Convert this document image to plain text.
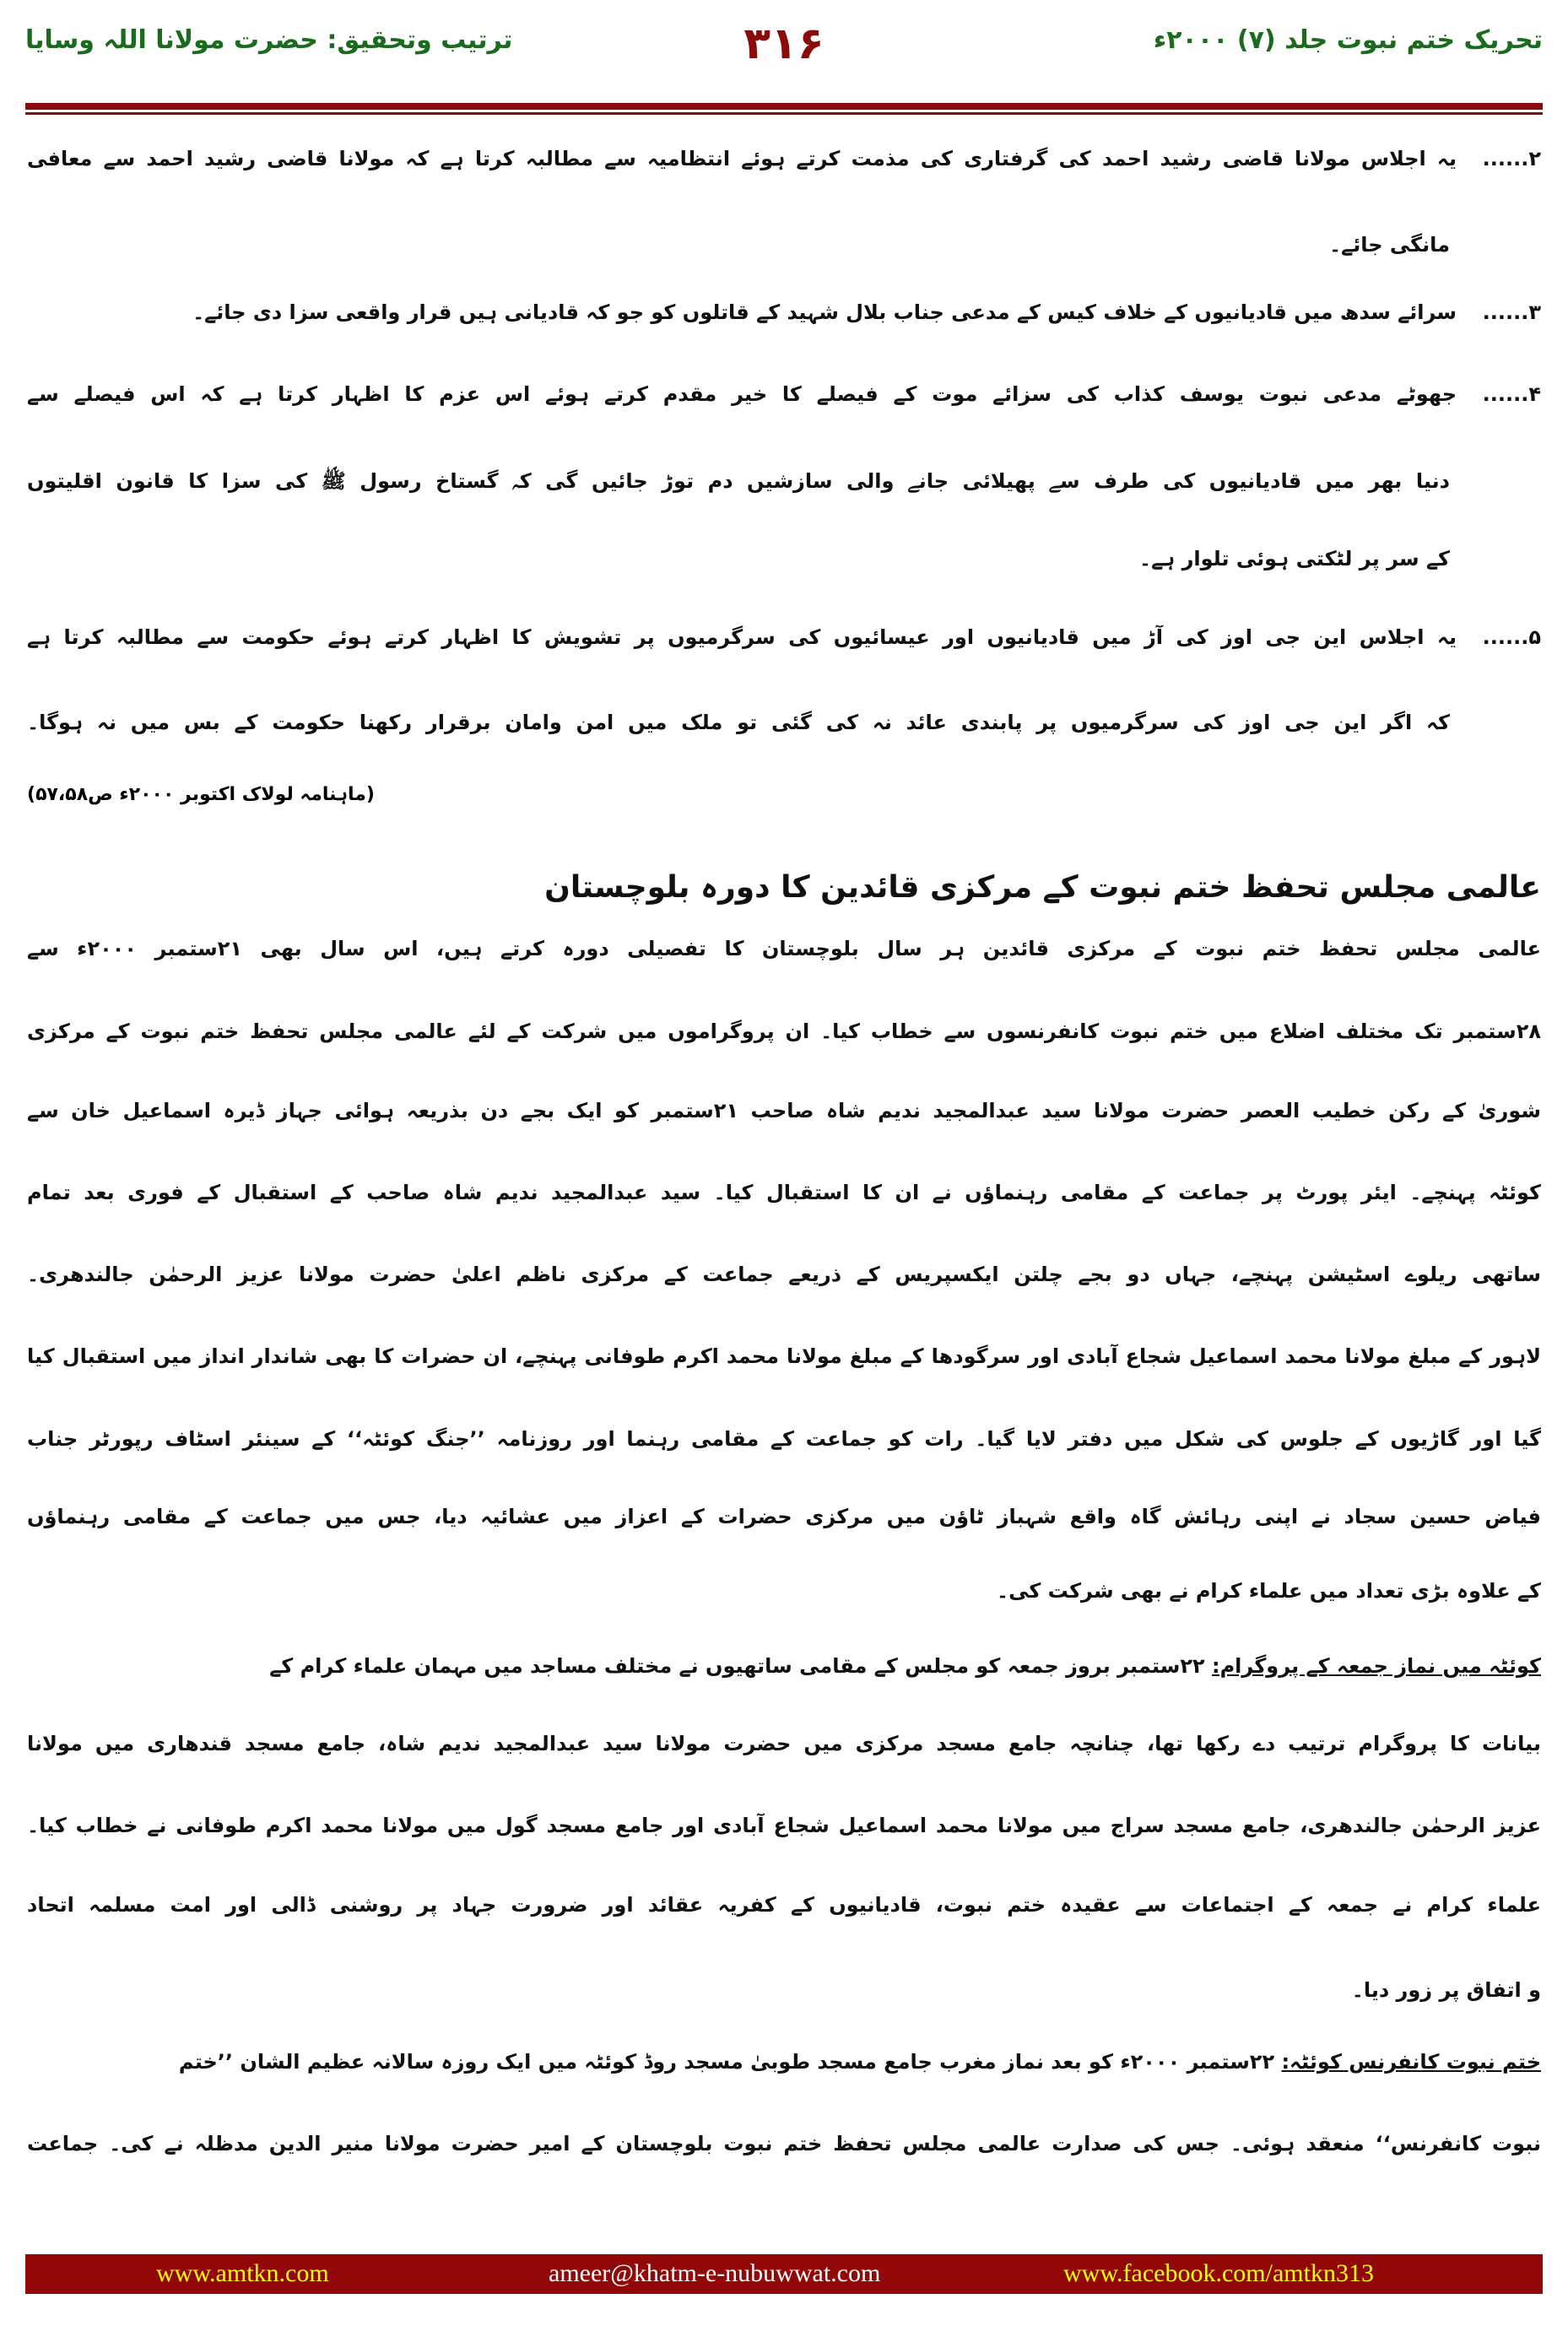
تحریک ختم نبوت جلد (۷) ۲۰۰۰ء
۳۱۶
ترتیب وتحقیق: حضرت مولانا اللہ وسایا
۲......
یہ اجلاس مولانا قاضی رشید احمد کی گرفتاری کی مذمت کرتے ہوئے انتظامیہ سے مطالبہ کرتا ہے کہ مولانا قاضی رشید احمد سے معافی
مانگی جائے۔
۳......
سرائے سدھ میں قادیانیوں کے خلاف کیس کے مدعی جناب بلال شہید کے قاتلوں کو جو کہ قادیانی ہیں قرار واقعی سزا دی جائے۔
۴......
جھوٹے مدعی نبوت یوسف کذاب کی سزائے موت کے فیصلے کا خیر مقدم کرتے ہوئے اس عزم کا اظہار کرتا ہے کہ اس فیصلے سے
دنیا بھر میں قادیانیوں کی طرف سے پھیلائی جانے والی سازشیں دم توڑ جائیں گی کہ گستاخ رسول ﷺ کی سزا کا قانون اقلیتوں
کے سر پر لٹکتی ہوئی تلوار ہے۔
۵......
یہ اجلاس این جی اوز کی آڑ میں قادیانیوں اور عیسائیوں کی سرگرمیوں پر تشویش کا اظہار کرتے ہوئے حکومت سے مطالبہ کرتا ہے
کہ اگر این جی اوز کی سرگرمیوں پر پابندی عائد نہ کی گئی تو ملک میں امن وامان برقرار رکھنا حکومت کے بس میں نہ ہوگا۔
(ماہنامہ لولاک اکتوبر ۲۰۰۰ء ص۵۷،۵۸)
عالمی مجلس تحفظ ختم نبوت کے مرکزی قائدین کا دورہ بلوچستان
عالمی مجلس تحفظ ختم نبوت کے مرکزی قائدین ہر سال بلوچستان کا تفصیلی دورہ کرتے ہیں، اس سال بھی ۲۱ستمبر ۲۰۰۰ء سے
۲۸ستمبر تک مختلف اضلاع میں ختم نبوت کانفرنسوں سے خطاب کیا۔ ان پروگراموں میں شرکت کے لئے عالمی مجلس تحفظ ختم نبوت کے مرکزی
شوریٰ کے رکن خطیب العصر حضرت مولانا سید عبدالمجید ندیم شاہ صاحب ۲۱ستمبر کو ایک بجے دن بذریعہ ہوائی جہاز ڈیرہ اسماعیل خان سے
کوئٹہ پہنچے۔ ایئر پورٹ پر جماعت کے مقامی رہنماؤں نے ان کا استقبال کیا۔ سید عبدالمجید ندیم شاہ صاحب کے استقبال کے فوری بعد تمام
ساتھی ریلوے اسٹیشن پہنچے، جہاں دو بجے چلتن ایکسپریس کے ذریعے جماعت کے مرکزی ناظم اعلیٰ حضرت مولانا عزیز الرحمٰن جالندھری۔
لاہور کے مبلغ مولانا محمد اسماعیل شجاع آبادی اور سرگودھا کے مبلغ مولانا محمد اکرم طوفانی پہنچے، ان حضرات کا بھی شاندار انداز میں استقبال کیا
گیا اور گاڑیوں کے جلوس کی شکل میں دفتر لایا گیا۔ رات کو جماعت کے مقامی رہنما اور روزنامہ ’’جنگ کوئٹہ‘‘ کے سینئر اسٹاف رپورٹر جناب
فیاض حسین سجاد نے اپنی رہائش گاہ واقع شہباز ٹاؤن میں مرکزی حضرات کے اعزاز میں عشائیہ دیا، جس میں جماعت کے مقامی رہنماؤں
کے علاوہ بڑی تعداد میں علماء کرام نے بھی شرکت کی۔
کوئٹہ میں نماز جمعہ کے پروگرام: ۲۲ستمبر بروز جمعہ کو مجلس کے مقامی ساتھیوں نے مختلف مساجد میں مہمان علماء کرام کے
بیانات کا پروگرام ترتیب دے رکھا تھا، چنانچہ جامع مسجد مرکزی میں حضرت مولانا سید عبدالمجید ندیم شاہ، جامع مسجد قندھاری میں مولانا
عزیز الرحمٰن جالندھری، جامع مسجد سراج میں مولانا محمد اسماعیل شجاع آبادی اور جامع مسجد گول میں مولانا محمد اکرم طوفانی نے خطاب کیا۔
علماء کرام نے جمعہ کے اجتماعات سے عقیدہ ختم نبوت، قادیانیوں کے کفریہ عقائد اور ضرورت جہاد پر روشنی ڈالی اور امت مسلمہ اتحاد
و اتفاق پر زور دیا۔
ختم نبوت کانفرنس کوئٹہ: ۲۲ستمبر ۲۰۰۰ء کو بعد نماز مغرب جامع مسجد طوبیٰ مسجد روڈ کوئٹہ میں ایک روزہ سالانہ عظیم الشان ’’ختم
نبوت کانفرنس‘‘ منعقد ہوئی۔ جس کی صدارت عالمی مجلس تحفظ ختم نبوت بلوچستان کے امیر حضرت مولانا منیر الدین مدظلہ نے کی۔ جماعت
www.amtkn.com	ameer@khatm-e-nubuwwat.com	www.facebook.com/amtkn313
